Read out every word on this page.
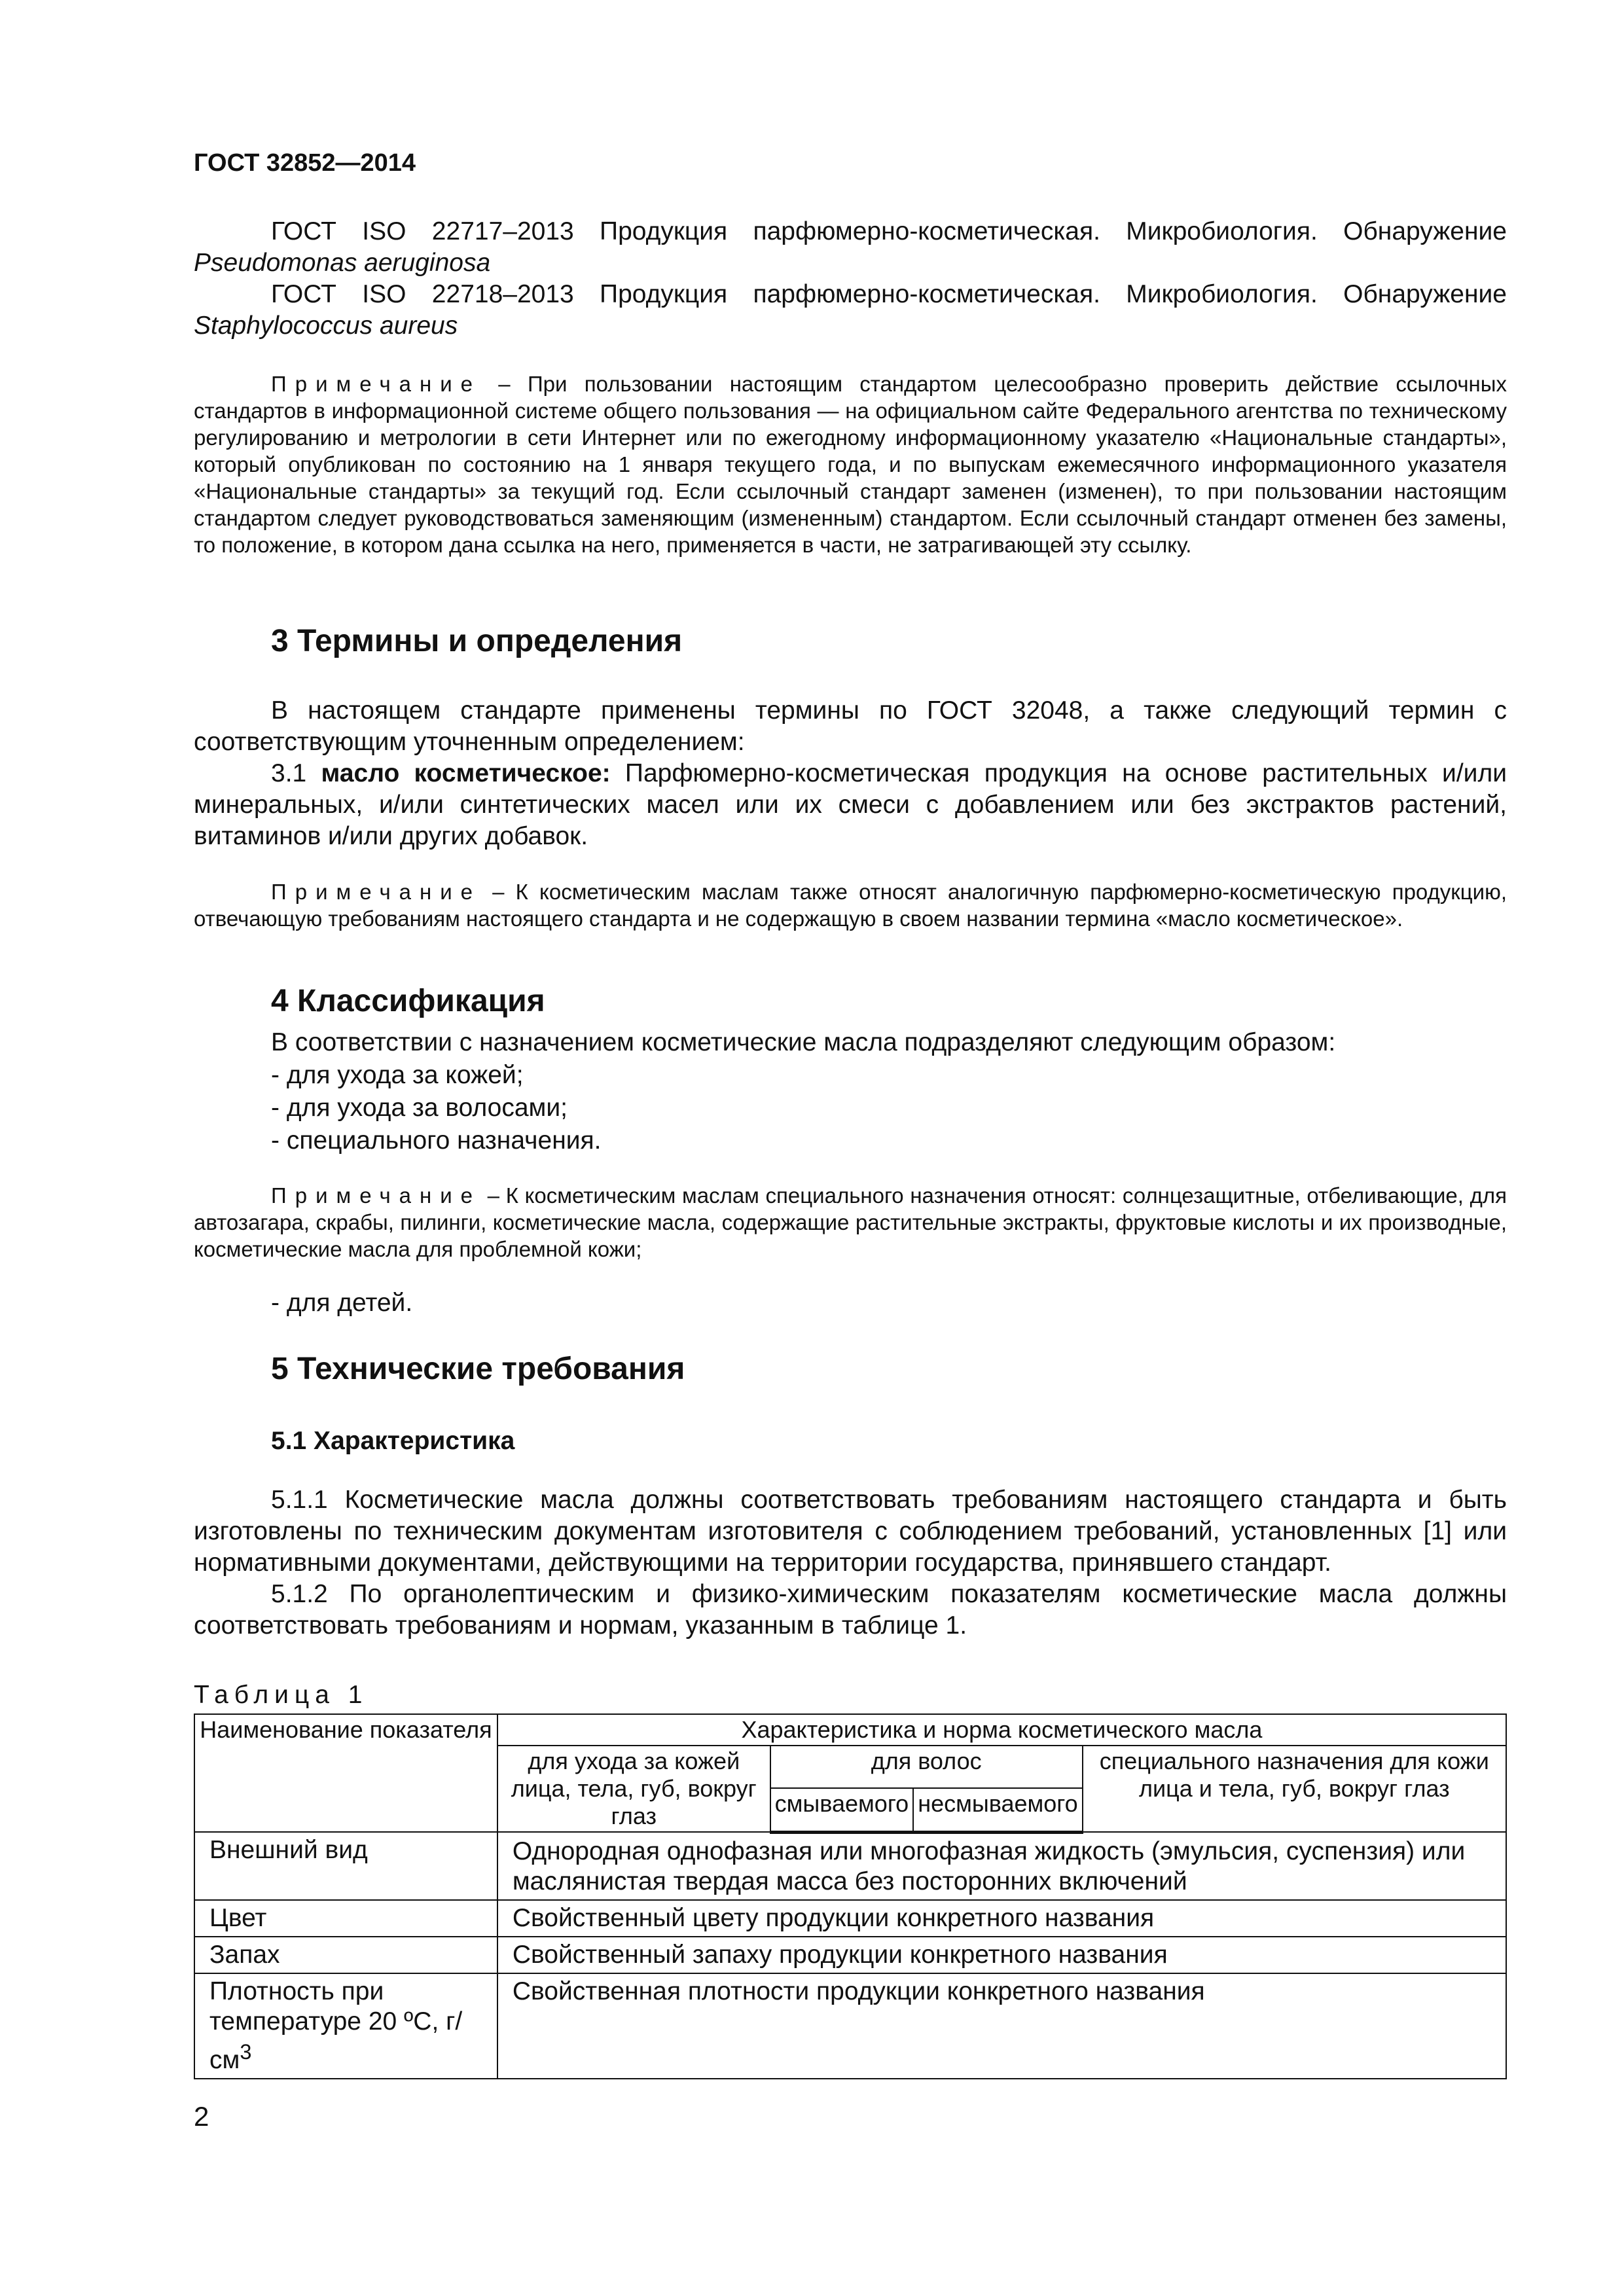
ГОСТ 32852—2014
ГОСТ ISO 22717–2013 Продукция парфюмерно-косметическая. Микробиология. Обнаружение
Pseudomonas aeruginosa
ГОСТ ISO 22718–2013 Продукция парфюмерно-косметическая. Микробиология. Обнаружение
Staphylococcus aureus

Примечание – При пользовании настоящим стандартом целесообразно проверить действие ссылочных стандартов в информационной системе общего пользования — на официальном сайте Федерального агентства по техническому регулированию и метрологии в сети Интернет или по ежегодному информационному указателю «Национальные стандарты», который опубликован по состоянию на 1 января текущего года, и по выпускам ежемесячного информационного указателя «Национальные стандарты» за текущий год. Если ссылочный стандарт заменен (изменен), то при пользовании настоящим стандартом следует руководствоваться заменяющим (измененным) стандартом. Если ссылочный стандарт отменен без замены, то положение, в котором дана ссылка на него, применяется в части, не затрагивающей эту ссылку.

3 Термины и определения

В настоящем стандарте применены термины по ГОСТ 32048, а также следующий термин с соответствующим уточненным определением:

3.1 масло косметическое: Парфюмерно-косметическая продукция на основе растительных и/или минеральных, и/или синтетических масел или их смеси с добавлением или без экстрактов растений, витаминов и/или других добавок.

Примечание – К косметическим маслам также относят аналогичную парфюмерно-косметическую продукцию, отвечающую требованиям настоящего стандарта и не содержащую в своем названии термина «масло косметическое».

4 Классификация
В соответствии с назначением косметические масла подразделяют следующим образом:
- для ухода за кожей;
- для ухода за волосами;
- специального назначения.

Примечание – К косметическим маслам специального назначения относят: солнцезащитные, отбеливающие, для автозагара, скрабы, пилинги, косметические масла, содержащие растительные экстракты, фруктовые кислоты и их производные, косметические масла для проблемной кожи;

- для детей.
5 Технические требования
5.1 Характеристика

5.1.1 Косметические масла должны соответствовать требованиям настоящего стандарта и быть изготовлены по техническим документам изготовителя с соблюдением требований, установленных [1] или нормативными документами, действующими на территории государства, принявшего стандарт.

5.1.2 По органолептическим и физико-химическим показателям косметические масла должны соответствовать требованиям и нормам, указанным в таблице 1.

Таблица 1
Наименование показателя	Характеристика и норма косметического масла			
	для ухода за кожей лица, тела, губ, вокруг глаз	для волос		специального назначения для кожи лица и тела, губ, вокруг глаз
		смываемого	несмываемого	
Внешний вид	Однородная однофазная или многофазная жидкость (эмульсия, суспензия) или маслянистая твердая масса без посторонних включений			
Цвет	Свойственный цвету продукции конкретного названия			
Запах	Свойственный запаху продукции конкретного названия			
Плотность при температуре 20 ºС, $г/см^3$	Свойственная плотности продукции конкретного названия			
2
